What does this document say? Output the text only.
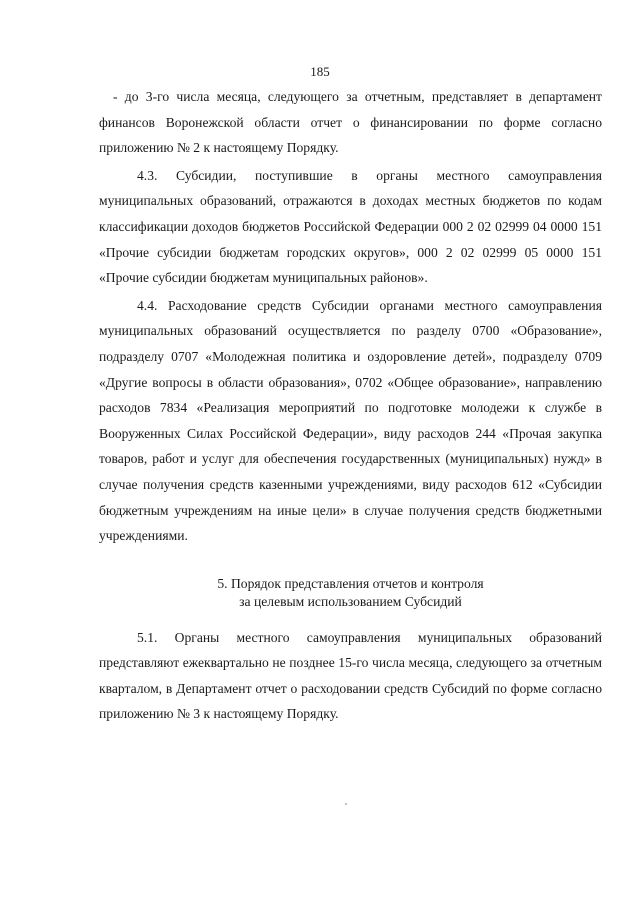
185

- до 3-го числа месяца, следующего за отчетным, представляет в департамент финансов Воронежской области отчет о финансировании по форме согласно приложению № 2 к настоящему Порядку.

4.3. Субсидии, поступившие в органы местного самоуправления муниципальных образований, отражаются в доходах местных бюджетов по кодам классификации доходов бюджетов Российской Федерации 000 2 02 02999 04 0000 151 «Прочие субсидии бюджетам городских округов», 000 2 02 02999 05 0000 151 «Прочие субсидии бюджетам муниципальных районов».

4.4. Расходование средств Субсидии органами местного самоуправления муниципальных образований осуществляется по разделу 0700 «Образование», подразделу 0707 «Молодежная политика и оздоровление детей», подразделу 0709 «Другие вопросы в области образования», 0702 «Общее образование», направлению расходов 7834 «Реализация мероприятий по подготовке молодежи к службе в Вооруженных Силах Российской Федерации», виду расходов 244 «Прочая закупка товаров, работ и услуг для обеспечения государственных (муниципальных) нужд» в случае получения средств казенными учреждениями, виду расходов 612 «Субсидии бюджетным учреждениям на иные цели» в случае получения средств бюджетными учреждениями.

5. Порядок представления отчетов и контроля
за целевым использованием Субсидий

5.1. Органы местного самоуправления муниципальных образований представляют ежеквартально не позднее 15-го числа месяца, следующего за отчетным кварталом, в Департамент отчет о расходовании средств Субсидий по форме согласно приложению № 3 к настоящему Порядку.
